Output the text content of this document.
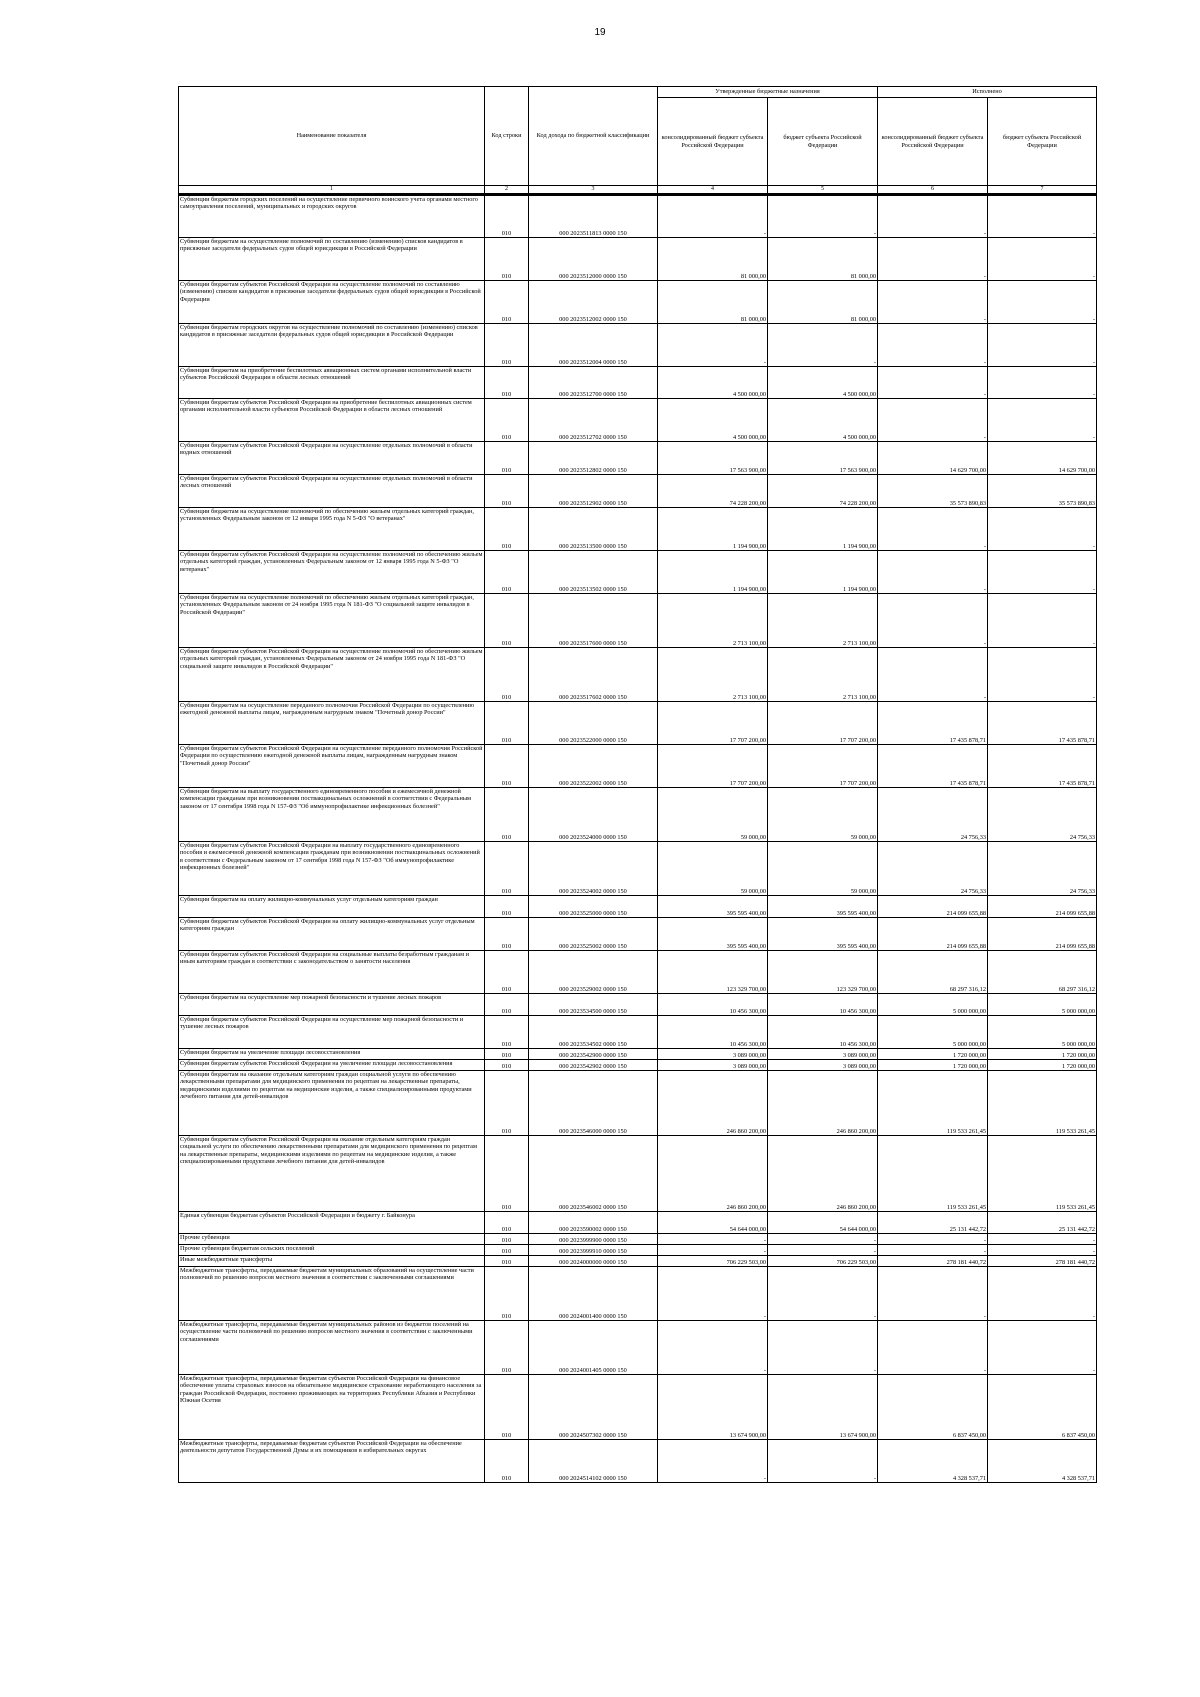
19
Наименование показателя	Код строки	Код дохода по бюджетной классификации	Утвержденные бюджетные назначения		Исполнено	
			консолидированный бюджет субъекта Российской Федерации	бюджет субъекта Российской Федерации	консолидированный бюджет субъекта Российской Федерации	бюджет субъекта Российской Федерации
1	2	3	4	5	6	7
Субвенции бюджетам городских поселений на осуществление первичного воинского учета органами местного самоуправления поселений, муниципальных и городских округов	010	000 2023511813 0000 150	-	-	-	-
Субвенции бюджетам на осуществление полномочий по составлению (изменению) списков кандидатов в присяжные заседатели федеральных судов общей юрисдикции в Российской Федерации	010	000 2023512000 0000 150	81 000,00	81 000,00	-	-
Субвенции бюджетам субъектов Российской Федерации на осуществление полномочий по составлению (изменению) списков кандидатов в присяжные заседатели федеральных судов общей юрисдикции в Российской Федерации	010	000 2023512002 0000 150	81 000,00	81 000,00	-	-
Субвенции бюджетам городских округов на осуществление полномочий по составлению (изменению) списков кандидатов в присяжные заседатели федеральных судов общей юрисдикции в Российской Федерации	010	000 2023512004 0000 150	-	-	-	-
Субвенции бюджетам на приобретение беспилотных авиационных систем органами исполнительной власти субъектов Российской Федерации в области лесных отношений	010	000 2023512700 0000 150	4 500 000,00	4 500 000,00	-	-
Субвенции бюджетам субъектов Российской Федерации на приобретение беспилотных авиационных систем органами исполнительной власти субъектов Российской Федерации в области лесных отношений	010	000 2023512702 0000 150	4 500 000,00	4 500 000,00	-	-
Субвенции бюджетам субъектов Российской Федерации на осуществление отдельных полномочий в области водных отношений	010	000 2023512802 0000 150	17 563 900,00	17 563 900,00	14 629 700,00	14 629 700,00
Субвенции бюджетам субъектов Российской Федерации на осуществление отдельных полномочий в области лесных отношений	010	000 2023512902 0000 150	74 228 200,00	74 228 200,00	35 573 890,83	35 573 890,83
Субвенции бюджетам на осуществление полномочий по обеспечению жильем отдельных категорий граждан, установленных Федеральным законом от 12 января 1995 года N 5-ФЗ "О ветеранах"	010	000 2023513500 0000 150	1 194 900,00	1 194 900,00	-	-
Субвенции бюджетам субъектов Российской Федерации на осуществление полномочий по обеспечению жильем отдельных категорий граждан, установленных Федеральным законом от 12 января 1995 года N 5-ФЗ "О ветеранах"	010	000 2023513502 0000 150	1 194 900,00	1 194 900,00	-	-
Субвенции бюджетам на осуществление полномочий по обеспечению жильем отдельных категорий граждан, установленных Федеральным законом от 24 ноября 1995 года N 181-ФЗ "О социальной защите инвалидов в Российской Федерации"	010	000 2023517600 0000 150	2 713 100,00	2 713 100,00	-	-
Субвенции бюджетам субъектов Российской Федерации на осуществление полномочий по обеспечению жильем отдельных категорий граждан, установленных Федеральным законом от 24 ноября 1995 года N 181-ФЗ "О социальной защите инвалидов в Российской Федерации"	010	000 2023517602 0000 150	2 713 100,00	2 713 100,00	-	-
Субвенции бюджетам на осуществление переданного полномочия Российской Федерации по осуществлению ежегодной денежной выплаты лицам, награжденным нагрудным знаком "Почетный донор России"	010	000 2023522000 0000 150	17 707 200,00	17 707 200,00	17 435 878,71	17 435 878,71
Субвенции бюджетам субъектов Российской Федерации на осуществление переданного полномочия Российской Федерации по осуществлению ежегодной денежной выплаты лицам, награжденным нагрудным знаком "Почетный донор России"	010	000 2023522002 0000 150	17 707 200,00	17 707 200,00	17 435 878,71	17 435 878,71
Субвенции бюджетам на выплату государственного единовременного пособия и ежемесячной денежной компенсации гражданам при возникновении поствакцинальных осложнений в соответствии с Федеральным законом от 17 сентября 1998 года N 157-ФЗ "Об иммунопрофилактике инфекционных болезней"	010	000 2023524000 0000 150	59 000,00	59 000,00	24 756,33	24 756,33
Субвенции бюджетам субъектов Российской Федерации на выплату государственного единовременного пособия и ежемесячной денежной компенсации гражданам при возникновении поствакцинальных осложнений в соответствии с Федеральным законом от 17 сентября 1998 года N 157-ФЗ "Об иммунопрофилактике инфекционных болезней"	010	000 2023524002 0000 150	59 000,00	59 000,00	24 756,33	24 756,33
Субвенции бюджетам на оплату жилищно-коммунальных услуг отдельным категориям граждан	010	000 2023525000 0000 150	395 595 400,00	395 595 400,00	214 099 655,88	214 099 655,88
Субвенции бюджетам субъектов Российской Федерации на оплату жилищно-коммунальных услуг отдельным категориям граждан	010	000 2023525002 0000 150	395 595 400,00	395 595 400,00	214 099 655,88	214 099 655,88
Субвенции бюджетам субъектов Российской Федерации на социальные выплаты безработным гражданам и иным категориям граждан в соответствии с законодательством о занятости населения	010	000 2023529002 0000 150	123 329 700,00	123 329 700,00	68 297 316,12	68 297 316,12
Субвенции бюджетам на осуществление мер пожарной безопасности и тушение лесных пожаров	010	000 2023534500 0000 150	10 456 300,00	10 456 300,00	5 000 000,00	5 000 000,00
Субвенции бюджетам субъектов Российской Федерации на осуществление мер пожарной безопасности и тушение лесных пожаров	010	000 2023534502 0000 150	10 456 300,00	10 456 300,00	5 000 000,00	5 000 000,00
Субвенции бюджетам на увеличение площади лесовосстановления	010	000 2023542900 0000 150	3 089 000,00	3 089 000,00	1 720 000,00	1 720 000,00
Субвенции бюджетам субъектов Российской Федерации на увеличение площади лесовосстановления	010	000 2023542902 0000 150	3 089 000,00	3 089 000,00	1 720 000,00	1 720 000,00
Субвенции бюджетам на оказание отдельным категориям граждан социальной услуги по обеспечению лекарственными препаратами для медицинского применения по рецептам на лекарственные препараты, медицинскими изделиями по рецептам на медицинские изделия, а также специализированными продуктами лечебного питания для детей-инвалидов	010	000 2023546000 0000 150	246 860 200,00	246 860 200,00	119 533 261,45	119 533 261,45
Субвенции бюджетам субъектов Российской Федерации на оказание отдельным категориям граждан социальной услуги по обеспечению лекарственными препаратами для медицинского применения по рецептам на лекарственные препараты, медицинскими изделиями по рецептам на медицинские изделия, а также специализированными продуктами лечебного питания для детей-инвалидов	010	000 2023546002 0000 150	246 860 200,00	246 860 200,00	119 533 261,45	119 533 261,45
Единая субвенция бюджетам субъектов Российской Федерации и бюджету г. Байконура	010	000 2023590002 0000 150	54 644 000,00	54 644 000,00	25 131 442,72	25 131 442,72
Прочие субвенции	010	000 2023999900 0000 150	-	-	-	-
Прочие субвенции бюджетам сельских поселений	010	000 2023999910 0000 150	-	-	-	-
Иные межбюджетные трансферты	010	000 2024000000 0000 150	706 229 503,00	706 229 503,00	278 181 440,72	278 181 440,72
Межбюджетные трансферты, передаваемые бюджетам муниципальных образований на осуществление части полномочий по решению вопросов местного значения в соответствии с заключенными соглашениями	010	000 2024001400 0000 150	-	-	-	-
Межбюджетные трансферты, передаваемые бюджетам муниципальных районов из бюджетов поселений на осуществление части полномочий по решению вопросов местного значения в соответствии с заключенными соглашениями	010	000 2024001405 0000 150	-	-	-	-
Межбюджетные трансферты, передаваемые бюджетам субъектов Российской Федерации на финансовое обеспечение уплаты страховых взносов на обязательное медицинское страхование неработающего населения за граждан Российской Федерации, постоянно проживающих на территориях Республики Абхазия и Республики Южная Осетия	010	000 2024507302 0000 150	13 674 900,00	13 674 900,00	6 837 450,00	6 837 450,00
Межбюджетные трансферты, передаваемые бюджетам субъектов Российской Федерации на обеспечение деятельности депутатов Государственной Думы и их помощников в избирательных округах	010	000 2024514102 0000 150	-	-	4 328 537,71	4 328 537,71
